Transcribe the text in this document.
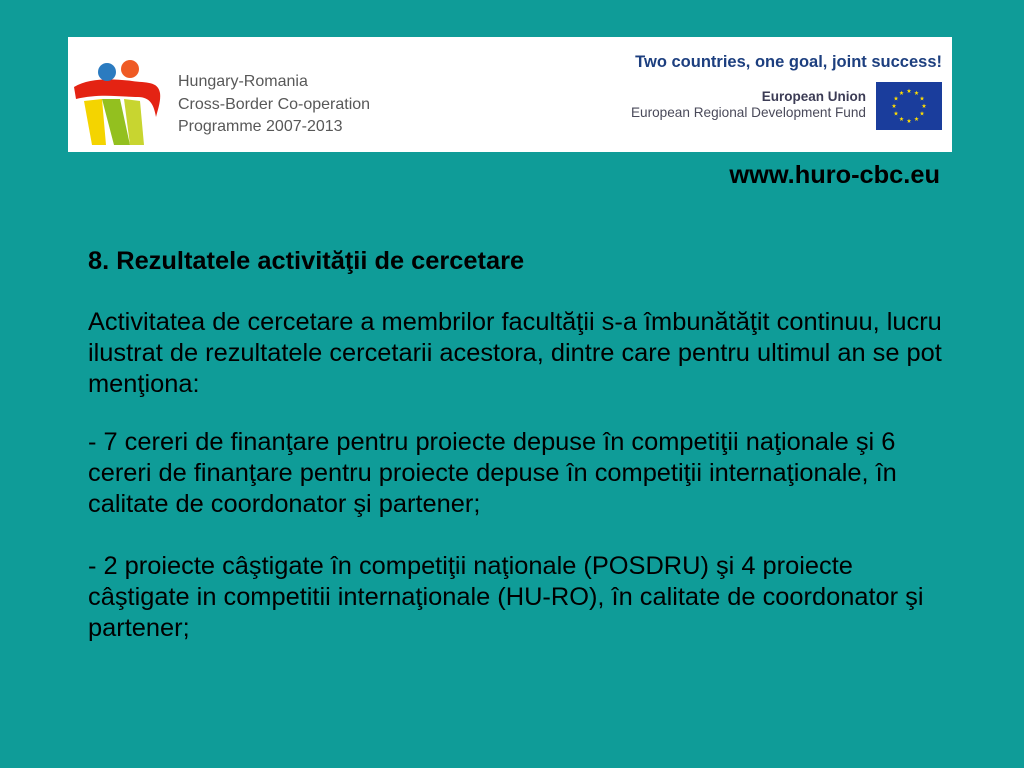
Hungary-Romania
Cross-Border Co-operation
Programme 2007-2013
Two countries, one goal, joint success!
European Union
European Regional Development Fund
www.huro-cbc.eu
8. Rezultatele activităţii de cercetare
Activitatea de cercetare a membrilor facultăţii s-a îmbunătăţit continuu, lucru
ilustrat de rezultatele cercetarii acestora, dintre care pentru ultimul an se pot
menţiona:
- 7 cereri de finanţare pentru proiecte depuse în competiţii naţionale şi 6
cereri de finanţare pentru proiecte depuse în competiţii internaţionale, în
calitate de coordonator şi partener;
- 2 proiecte câştigate în competiţii naţionale (POSDRU) şi 4 proiecte
câştigate in competitii internaţionale (HU-RO), în calitate de coordonator şi
partener;
